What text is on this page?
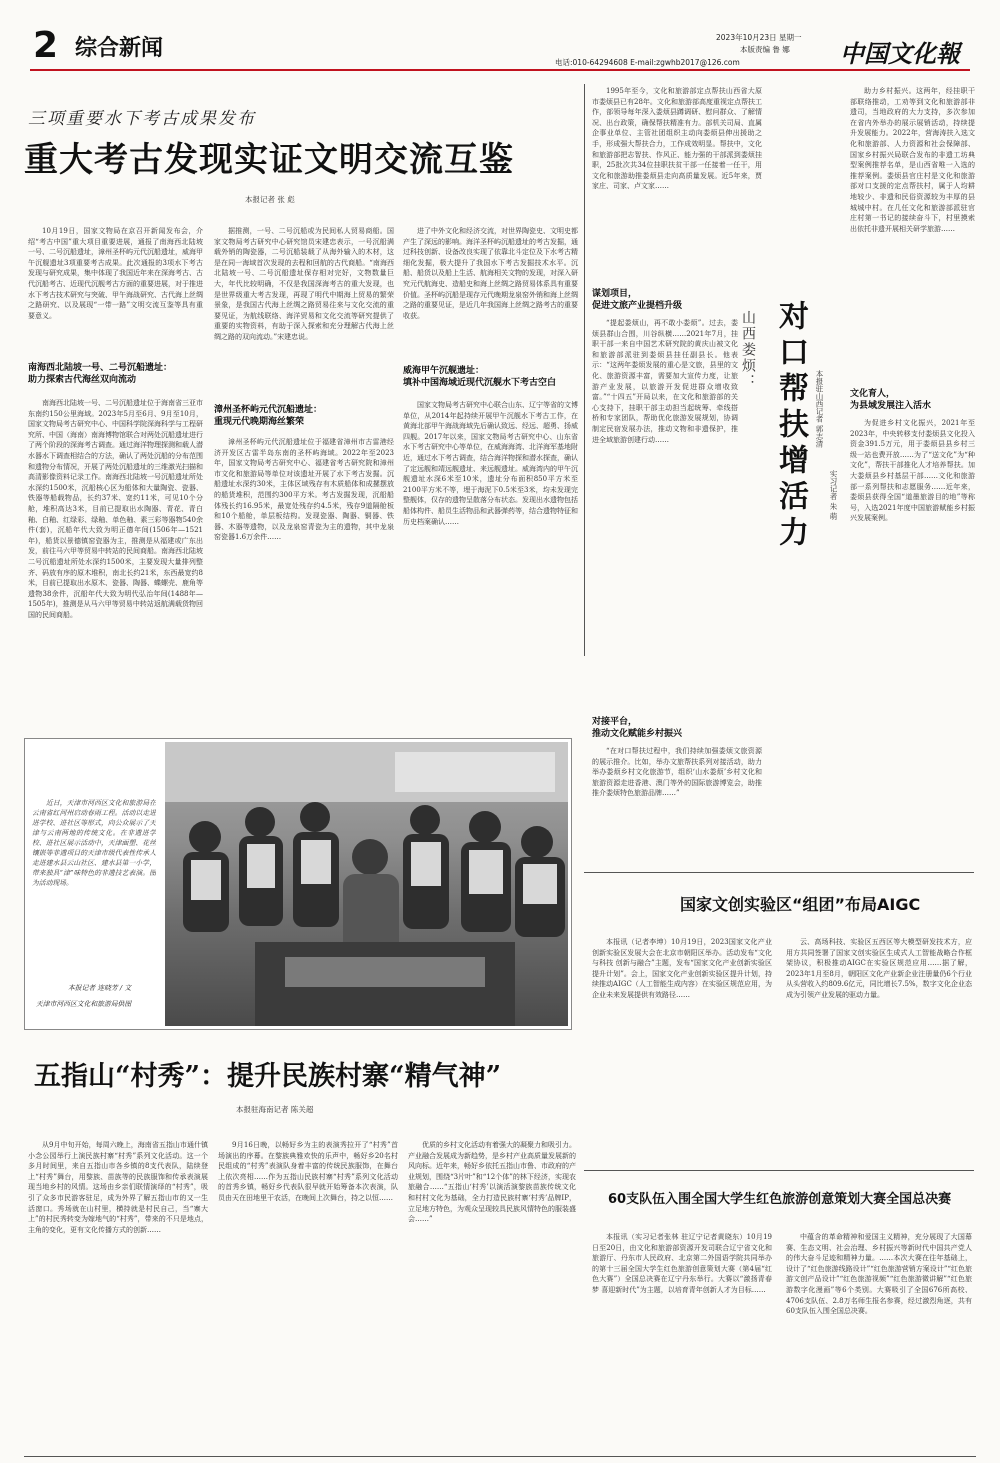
2 综合新闻	2023年10月23日 星期一
本版责编 鲁 娜
电话:010-64294608 E-mail:zgwhb2017@126.com	中国文化報
三项重要水下考古成果发布
重大考古发现实证文明交流互鉴
本报记者 张 彪
10月19日，国家文物局在京召开新闻发布会，介绍“考古中国”重大项目重要进展，通报了南海西北陆坡一号、二号沉船遗址，漳州圣杯屿元代沉船遗址，威海甲午沉舰遗址3项重要考古成果。此次通报的3项水下考古发现与研究成果，集中体现了我国近年来在深海考古、古代沉船考古、近现代沉舰考古方面的重要进展，对于推进水下考古技术研究与突破、甲午海战研究、古代海上丝绸之路研究、以及展现“一带一路”文明交流互鉴等具有重要意义。
南海西北陆坡一号、二号沉船遗址：
助力探索古代海丝双向流动
南海西北陆坡一号、二号沉船遗址位于海南省三亚市东南约150公里海域。2023年5月至6月、9月至10月，国家文物局考古研究中心、中国科学院深海科学与工程研究所、中国（海南）南海博物馆联合对两处沉船遗址进行了两个阶段的深海考古调查。通过海洋物理探测和载人潜水器水下调查相结合的方法，确认了两处沉船的分布范围和遗物分布情况，开展了两处沉船遗址的三维激光扫描和高清影像资料记录工作。南海西北陆坡一号沉船遗址所处水深约1500米，沉船核心区为船体和大量陶瓷、瓷器、铁器等船载物品，长约37米、宽约11米，可见10个分舱，堆积高达3米，目前已提取出水陶器、青花、青白釉、白釉、红绿彩、绿釉、单色釉、素三彩等器物540余件(套)，沉船年代大致为明正德年间(1506年—1521年)，船货以景德镇窑瓷器为主，推测是从福建或广东出发，前往马六甲等贸易中转站的民间商船。南海西北陆坡二号沉船遗址所处水深约1500米，主要发现大量排列整齐、码放有序的原木堆积，南北长约21米，东西最宽约8米，目前已提取出水原木、瓷器、陶器、蝶螺壳、鹿角等遗物38余件，沉船年代大致为明代弘治年间(1488年—1505年)，推测是从马六甲等贸易中转站返航满载货物回国的民间商船。
据推测，一号、二号沉船或为民间私人贸易商船。国家文物局考古研究中心研究馆员宋建忠表示，一号沉船满载外销的陶瓷器，二号沉船装载了从海外输入的木材，这是在同一海域首次发现的去程和回航的古代商船。“南海西北陆坡一号、二号沉船遗址保存相对完好，文物数量巨大，年代比较明确，不仅是我国深海考古的重大发现，也是世界级重大考古发现，再现了明代中期海上贸易的繁荣景象，是我国古代海上丝绸之路贸易往来与文化交流的重要见证，为航线联络、海洋贸易和文化交流等研究提供了重要的实物资料，有助于深入探索和充分理解古代海上丝绸之路的双向流动。”宋建忠说。
漳州圣杯屿元代沉船遗址：
重现元代晚期海丝繁荣
漳州圣杯屿元代沉船遗址位于福建省漳州市古雷港经济开发区古雷半岛东南的圣杯屿海域。2022年至2023年，国家文物局考古研究中心、福建省考古研究院和漳州市文化和旅游局等单位对该遗址开展了水下考古发掘。沉船遗址水深约30米，主体区域残存有木质船体和成摞摆放的船货堆积，范围约300平方米。考古发掘发现，沉船船体残长约16.95米，最宽处残存约4.5米，残存9道隔舱板和10个船舱，单层板结构。发现瓷器、陶器、铜器、铁器、木器等遗物，以及龙泉窑青瓷为主的遗物，其中龙泉窑瓷器1.6万余件……
进了中外文化和经济交流，对世界陶瓷史、文明史都产生了深远的影响。海洋圣杯屿沉船遗址的考古发掘，通过科技创新、设备改良实现了依靠北斗定位及下水考古精细化发掘，极大提升了我国水下考古发掘技术水平。沉船、船货以及船上生活、航海相关文物的发现，对深入研究元代航海史、造船史和海上丝绸之路贸易体系具有重要价值。圣杯屿沉船是现存元代晚期龙泉窑外销和海上丝绸之路的重要见证，是近几年我国海上丝绸之路考古的重要收获。
威海甲午沉舰遗址：
填补中国海域近现代沉舰水下考古空白
国家文物局考古研究中心联合山东、辽宁等省的文博单位，从2014年起持续开展甲午沉舰水下考古工作，在黄海北部甲午海战海域先后确认致远、经远、超勇、扬威四舰。2017年以来，国家文物局考古研究中心、山东省水下考古研究中心等单位，在威海海湾、北洋海军基地附近，通过水下考古调查，结合海洋物探和潜水探查，确认了定远舰和靖远舰遗址、来远舰遗址。威海湾内的甲午沉舰遗址水深6米至10米，遗址分布面积850平方米至2100平方米不等，埋于海泥下0.5米至3米，均未发现完整舰体，仅存的遗物呈散落分布状态。发现出水遗物包括船体构件、船员生活物品和武器弹药等，结合遗物特征和历史档案确认……
近日，天津市河西区文化和旅游局在云南省红河州启动春雨工程。活动以走进进学校、进社区等形式，向公众展示了天津与云南两地的传统文化。在非遗进学校、进社区展示活动中，天津面塑、花丝镶嵌等非遗项目的天津市级代表性传承人走进建水县云山社区、建水县第一小学，带来独具“津”味特色的非遗技艺表演。图为活动现场。
本报记者 连晓芳 / 文
天津市河西区文化和旅游局供图
1995年至今，文化和旅游部定点帮扶山西省大原市娄烦县已有28年。文化和旅游部高度重视定点帮扶工作，部领导每年深入娄烦县蹲调研、慰问群众、了解情况、出台政策，确保帮扶精准有力。部机关司局、直属企事业单位、主管社团组织主动向娄烦县伸出援助之手，形成强大帮扶合力，工作成效明显。帮扶中，文化和旅游部把志智扶、作风正、能力强的干部派到娄烦挂职，25批次共34位挂职扶贫干部一任接着一任干，用文化和旅游助推娄烦县走向高质量发展。近5年来，贾家庄、司家、卢文家……
谋划项目，
促进文旅产业提档升级
“提起娄烦山，再不敢小娄烦”。过去，娄烦县群山合围，川谷纵横……2021年7月，挂职干部一来自中国艺术研究院的黄庆山被文化和旅游部派驻到娄烦县挂任副县长。他表示：“这两年娄烦发展的重心是文旅，县里的文化、旅游资源丰富，需要加大宣传力度，让旅游产业发展，以旅游开发促进群众增收致富。”“十四五”开局以来，在文化和旅游部的关心支持下，挂职干部主动担当起统筹、牵线搭桥和专家团队，帮助优化旅游发展规划，协调制定民宿发展办法，推动文物和非遗保护，推进全域旅游创建行动……
对接平台，
推动文化赋能乡村振兴
“在对口帮扶过程中，我们持续加强娄烦文旅资源的展示推介。比如，举办文旅帮扶系列对接活动，助力举办娄烦乡村文化旅游节，组织‘山水娄烦’乡村文化和旅游资源走进香港、澳门等外的国际旅游博览会，助推推介娄烦特色旅游品牌……”
山西娄烦： 对口帮扶增活力 本报驻山西记者 郭志清
实习记者 朱 萌
助力乡村振兴。这两年，经挂职干部联络推动，工劝等到文化和旅游部非遗司，当地政府的大力支持，多次参加在省内外举办的展示展销活动，持续提升发展能力。2022年，营海涛扶入选文化和旅游部、人力资源和社会保障部、国家乡村振兴局联合发布的非遗工坊典型案例推荐名单，是山西省唯一入选的推荐案例。娄烦县官庄村是文化和旅游部对口支援的定点帮扶村，属于人均耕地较少、非遗和民俗资源较为丰厚的县城城中村。在几任文化和旅游部派驻官庄村第一书记的接续奋斗下，村里摸索出依托非遗开展相关研学旅游……
文化育人，
为县域发展注入活水
为促进乡村文化振兴，2021年至2023年，中央转移支付娄烦县文化投入资金391.5万元，用于娄烦县县乡村三级一站也费开放……为了“送文化”为“种文化”，帮扶干部推化人才培养帮扶。加大娄烦县乡村基层干部……文化和旅游部一系列帮扶和志愿服务……近年来，娄烦县获得全国“道墨旅游目的地”等称号，入选2021年度中国旅游赋能乡村振兴发展案例。
国家文创实验区“组团”布局AIGC
本报讯（记者李坤）10月19日，2023国家文化产业创新实验区发展大会在北京市朝阳区举办。活动发布“文化与科技 创新与融合”主题，发布“国家文化产业创新实验区提升计划”。会上，国家文化产业创新实验区提升计划，持续推动AIGC（人工智能生成内容）在实验区规范应用，为企业未来发展提供有效路径……
云、高场科技、实验区五西区等大模型研发技术方，应用方共同签署了国家文创实验区生成式人工智能战略合作框架协议，积极推动AIGC在实验区规范应用……据了解，2023年1月至8月，朝阳区文化产业新企业注册量仍6个行业从头营收入约809.6亿元，同比增长7.5%，数字文化企业态成为引领产业发展的驱动力量。
60支队伍入围全国大学生红色旅游创意策划大赛全国总决赛
本报讯（实习记者张林 驻辽宁记者黄晓东）10月19日至20日，由文化和旅游部资源开发司联合辽宁省文化和旅游厅、丹东市人民政府、北京第二外国语学院共同举办的第十三届全国大学生红色旅游创意策划大赛（第4届“红色大赛”）全国总决赛在辽宁丹东举行。大赛以“激扬青春梦 喜迎新时代”为主题，以培育青年创新人才为目标……
中蕴含的革命精神和爱国主义精神，充分展现了大国幕赛、生态文明、社会治理、乡村振兴等新时代中国共产党人的伟大奋斗足迹和精神力量。……本次大赛在往年基础上，设计了“红色旅游线路设计”“红色旅游营销方案设计”“红色旅游文创产品设计”“红色旅游视频”“红色旅游微讲解”“红色旅游数字化漫画”等6个类别。大赛吸引了全国676所高校、4706支队伍、2.8万名师生报名参赛，经过激烈角逐，共有60支队伍入围全国总决赛。
五指山“村秀”：提升民族村寨“精气神”
本报驻海南记者 陈关超
从9月中旬开始，每周六晚上，海南省五指山市通什镇小念公园举行上演民族村寨“村秀”系列文化活动。这一个多月时间里，来自五指山市各乡镇的8支代表队，陆续登上“村秀”舞台，用黎族、苗族等的民族服饰和传承表演展现当地乡村的风情。这场由乡亲们联情演绎的“村秀”，吸引了众多市民游客驻足，成为外界了解五指山市的又一生活窗口。秀场就在山村里，横持就是村民自己，当“寨大上”的村民秀转变为嫁地气的“村秀”，带来的不只是地点，主角的变化，更有文化传播方式的创新……
9月16日晚，以畅好乡为主的表演秀拉开了“村秀”首场演出的序幕。在黎族典雅欢快的乐声中，畅好乡20名村民组成的“村秀”表演队身着丰富的传统民族服饰，在舞台上依次亮相……作为五指山民族村寨“村秀”系列文化活动的首秀乡镇，畅好乡代表队很早就开始筹备本次表演，队员由天在田地里干农活，在晚间上次舞台，持之以恒……
优质的乡村文化活动有着强大的凝聚力和吸引力。产业融合发展成为新趋势，是乡村产业高质量发展新的风向标。近年来，畅好乡依托五指山市鲁、市政府的产业规划，围绕“3片叶”和“12个体”的林下经济，实现农旅融合……“五指山‘村秀’以演活演黎族苗族传统文化和村村文化为基础，全力打造民族村寨‘村秀’品牌IP，立足地方特色，为观众呈现较具民族风情特色的服装盛会……”
